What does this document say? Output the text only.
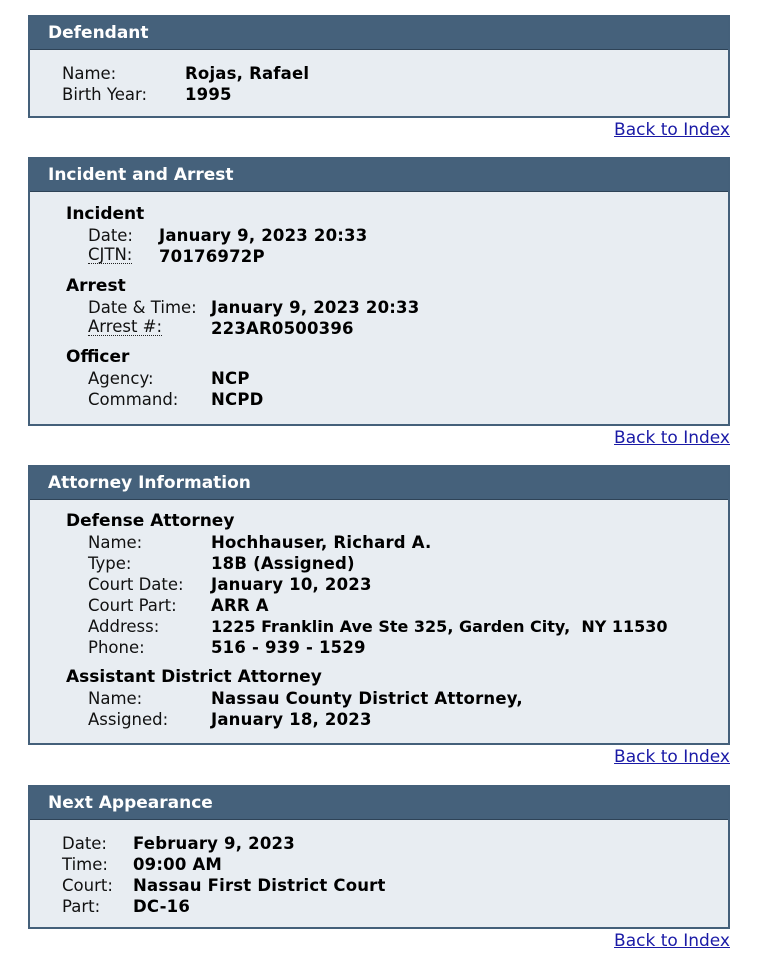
Defendant
Name:	Rojas, Rafael
Birth Year: 1995
Back to Index
Incident and Arrest
Incident
Date: January 9, 2023 20:33
CJTN: 70176972P
Arrest
Date & Time: January 9, 2023 20:33
Arrest #:	223AR0500396
Officer
Agency:	NCP
Command: NCPD
Back to Index
Attorney Information
Defense Attorney
Name:	Hochhauser, Richard A.
Type:	18B (Assigned)
Court Date: January 10, 2023
Court Part: ARR A
Address:	1225 Franklin Ave Ste 325, Garden City,  NY 11530
Phone:	516 - 939 - 1529
Assistant District Attorney
Name:	Nassau County District Attorney,
Assigned:	January 18, 2023
Back to Index
Next Appearance
Date: February 9, 2023
Time: 09:00 AM
Court: Nassau First District Court
Part: DC-16
Back to Index
